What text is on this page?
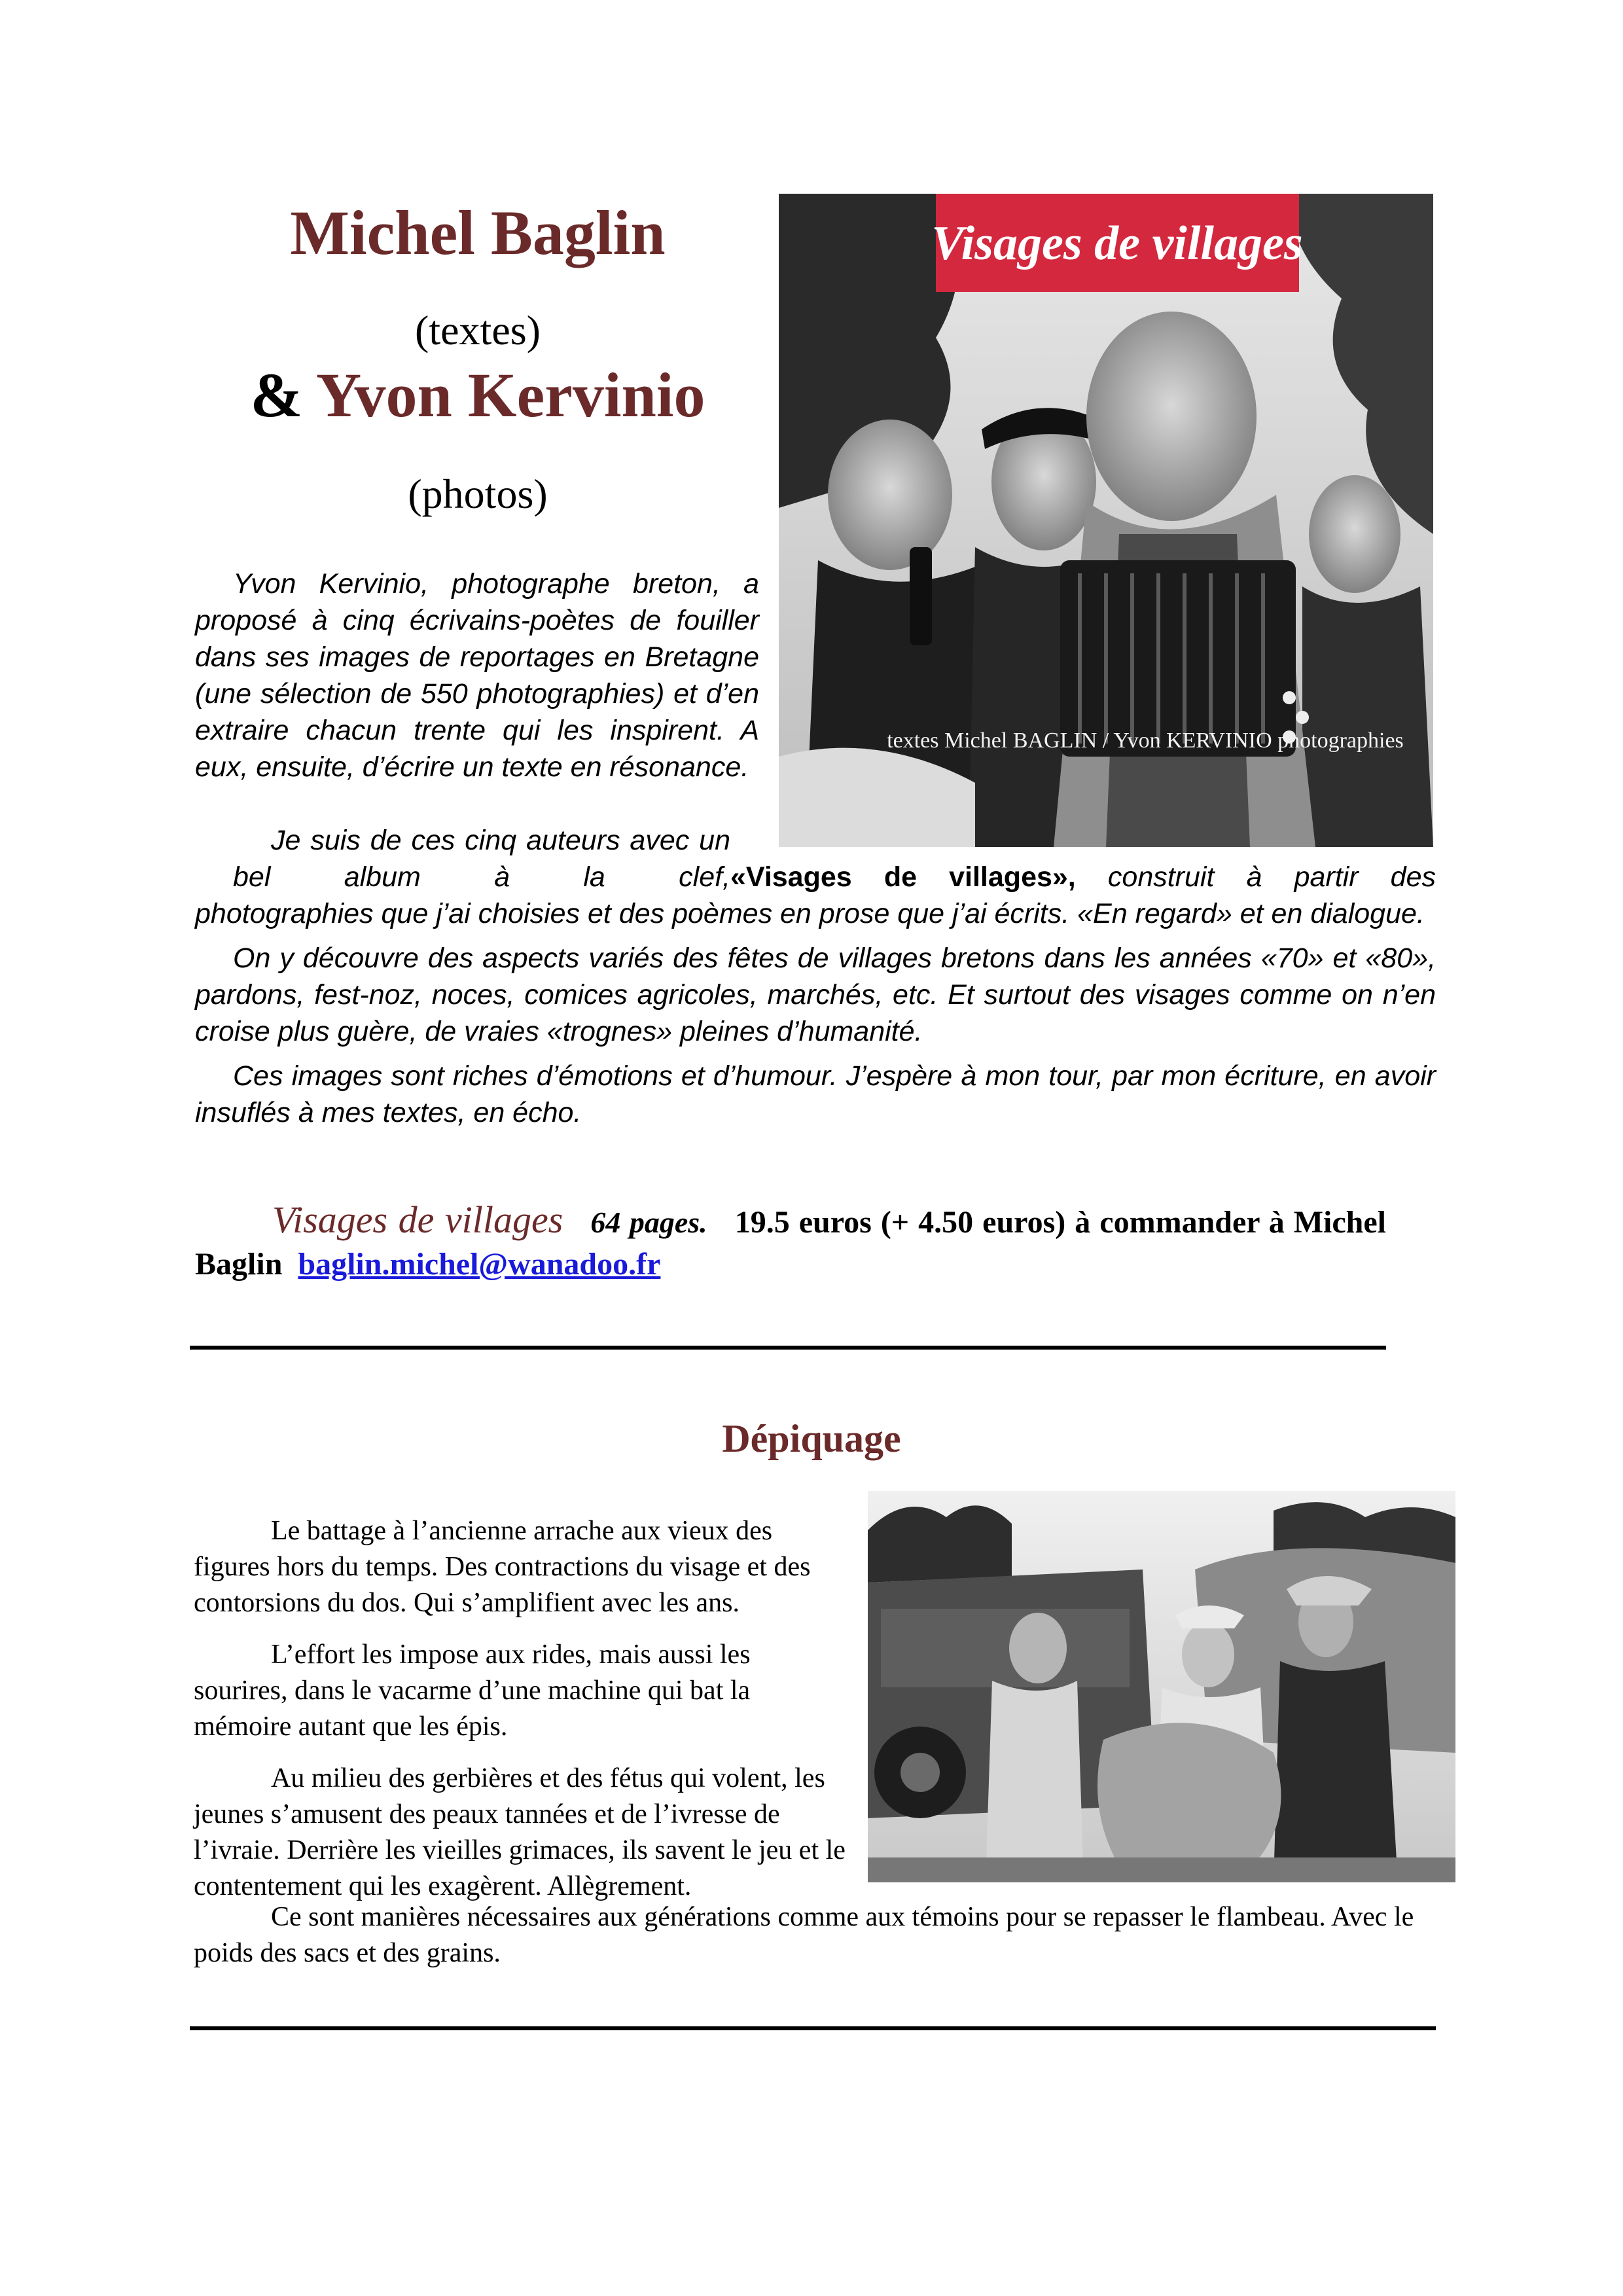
Michel Baglin
(textes)
& Yvon Kervinio
(photos)
Visages de villages
textes Michel BAGLIN / Yvon KERVINIO photographies

Yvon Kervinio, photographe breton, a proposé à cinq écrivains-poètes de fouiller dans ses images de reportages en Bretagne (une sélection de 550 photographies) et d’en extraire chacun trente qui les inspirent. A eux, ensuite, d’écrire un texte en résonance.

Je suis de ces cinq auteurs avec un bel album à la clef,«Visages de villages», construit à partir des photographies que j’ai choisies et des poèmes en prose que j’ai écrits. «En regard» et en dialogue.

On y découvre des aspects variés des fêtes de villages bretons dans les années «70» et «80», pardons, fest-noz, noces, comices agricoles, marchés, etc. Et surtout des visages comme on n’en croise plus guère, de vraies «trognes» pleines d’humanité.

Ces images sont riches d’émotions et d’humour. J’espère à mon tour, par mon écriture, en avoir insuflés à mes textes, en écho.

Visages de villages 64 pages. 19.5 euros (+ 4.50 euros) à commander à Michel Baglin baglin.michel@wanadoo.fr
Dépiquage

Le battage à l’ancienne arrache aux vieux des figures hors du temps. Des contractions du visage et des contorsions du dos. Qui s’amplifient avec les ans.

L’effort les impose aux rides, mais aussi les sourires, dans le vacarme d’une machine qui bat la mémoire autant que les épis.

Au milieu des gerbières et des fétus qui volent, les jeunes s’amusent des peaux tannées et de l’ivresse de l’ivraie. Derrière les vieilles grimaces, ils savent le jeu et le contentement qui les exagèrent. Allègrement.

Ce sont manières nécessaires aux générations comme aux témoins pour se repasser le flambeau. Avec le poids des sacs et des grains.
